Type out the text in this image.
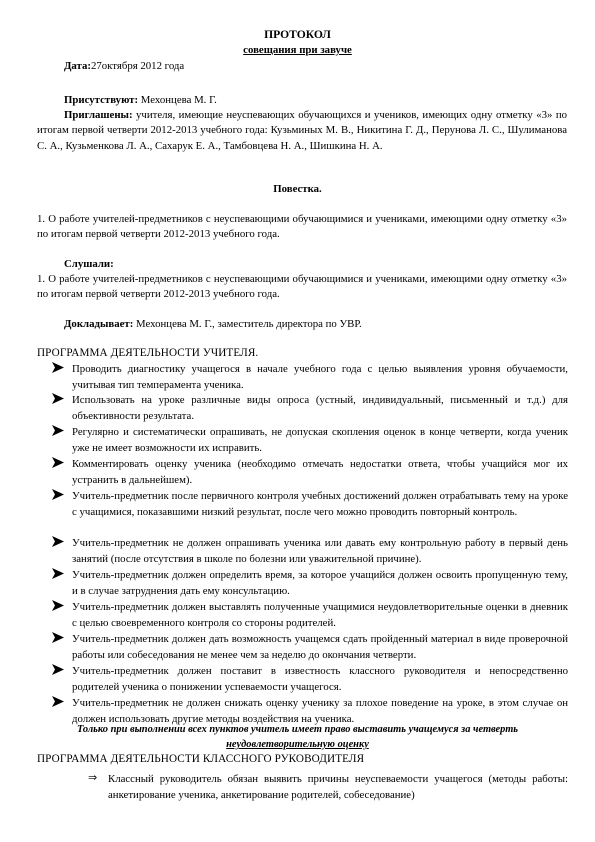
ПРОТОКОЛ
совещания при завуче
Дата:27октября 2012 года
Присутствуют: Мехонцева М. Г.
Приглашены: учителя, имеющие неуспевающих обучающихся и учеников, имеющих одну отметку «3» по итогам первой четверти 2012-2013 учебного года: Кузьминых М. В., Никитина Г. Д., Перунова Л. С., Шулиманова С. А., Кузьменкова Л. А., Сахарук Е. А., Тамбовцева Н. А., Шишкина Н. А.
Повестка.
1. О работе учителей-предметников с неуспевающими обучающимися и учениками, имеющими одну отметку «3» по итогам первой четверти 2012-2013 учебного года.
Слушали:
1. О работе учителей-предметников с неуспевающими обучающимися и учениками, имеющими одну отметку «3» по итогам первой четверти 2012-2013 учебного года.
Докладывает: Мехонцева М. Г., заместитель директора по УВР.
ПРОГРАММА ДЕЯТЕЛЬНОСТИ УЧИТЕЛЯ.
Проводить диагностику учащегося в начале учебного года с целью выявления уровня обучаемости, учитывая тип темперамента ученика.
Использовать на уроке различные виды опроса (устный, индивидуальный, письменный и т.д.) для объективности результата.
Регулярно и систематически опрашивать, не допуская скопления оценок в конце четверти, когда ученик уже не имеет возможности их исправить.
Комментировать оценку ученика (необходимо отмечать недостатки ответа, чтобы учащийся мог их устранить в дальнейшем).
Учитель-предметник после первичного контроля учебных достижений должен отрабатывать тему на уроке с учащимися, показавшими низкий результат, после чего можно проводить повторный контроль.
Учитель-предметник не должен опрашивать ученика или давать ему контрольную работу в первый день занятий (после отсутствия в школе по болезни или уважительной причине).
Учитель-предметник должен определить время, за которое учащийся должен освоить пропущенную тему, и в случае затруднения дать ему консультацию.
Учитель-предметник должен выставлять полученные учащимися неудовлетворительные оценки в дневник с целью своевременного контроля со стороны родителей.
Учитель-предметник должен дать возможность учащемся сдать пройденный материал в виде проверочной работы или собеседования не менее чем за неделю до окончания четверти.
Учитель-предметник должен поставит в известность классного руководителя и непосредственно родителей ученика о понижении успеваемости учащегося.
Учитель-предметник не должен снижать оценку ученику за плохое поведение на уроке, в этом случае он должен использовать другие методы воздействия на ученика.
Только при выполнении всех пунктов учитель имеет право выставить учащемуся за четверть
неудовлетворительную оценку
ПРОГРАММА ДЕЯТЕЛЬНОСТИ КЛАССНОГО РУКОВОДИТЕЛЯ
⇒ Классный руководитель обязан выявить причины неуспеваемости учащегося (методы работы: анкетирование ученика, анкетирование родителей, собеседование)
